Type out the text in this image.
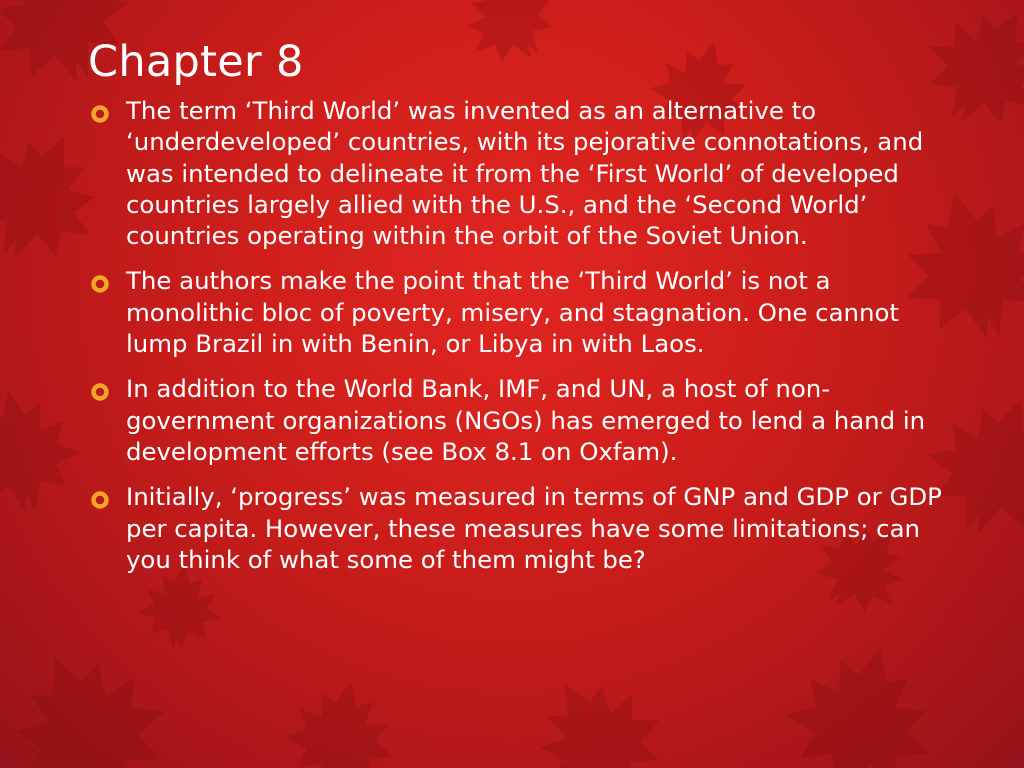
Chapter 8
The term ‘Third World’ was invented as an alternative to ‘underdeveloped’ countries, with its pejorative connotations, and was intended to delineate it from the ‘First World’ of developed countries largely allied with the U.S., and the ‘Second World’ countries operating within the orbit of the Soviet Union.
The authors make the point that the ‘Third World’ is not a monolithic bloc of poverty, misery, and stagnation. One cannot lump Brazil in with Benin, or Libya in with Laos.
In addition to the World Bank, IMF, and UN, a host of non-government organizations (NGOs) has emerged to lend a hand in development efforts (see Box 8.1 on Oxfam).
Initially, ‘progress’ was measured in terms of GNP and GDP or GDP per capita. However, these measures have some limitations; can you think of what some of them might be?
